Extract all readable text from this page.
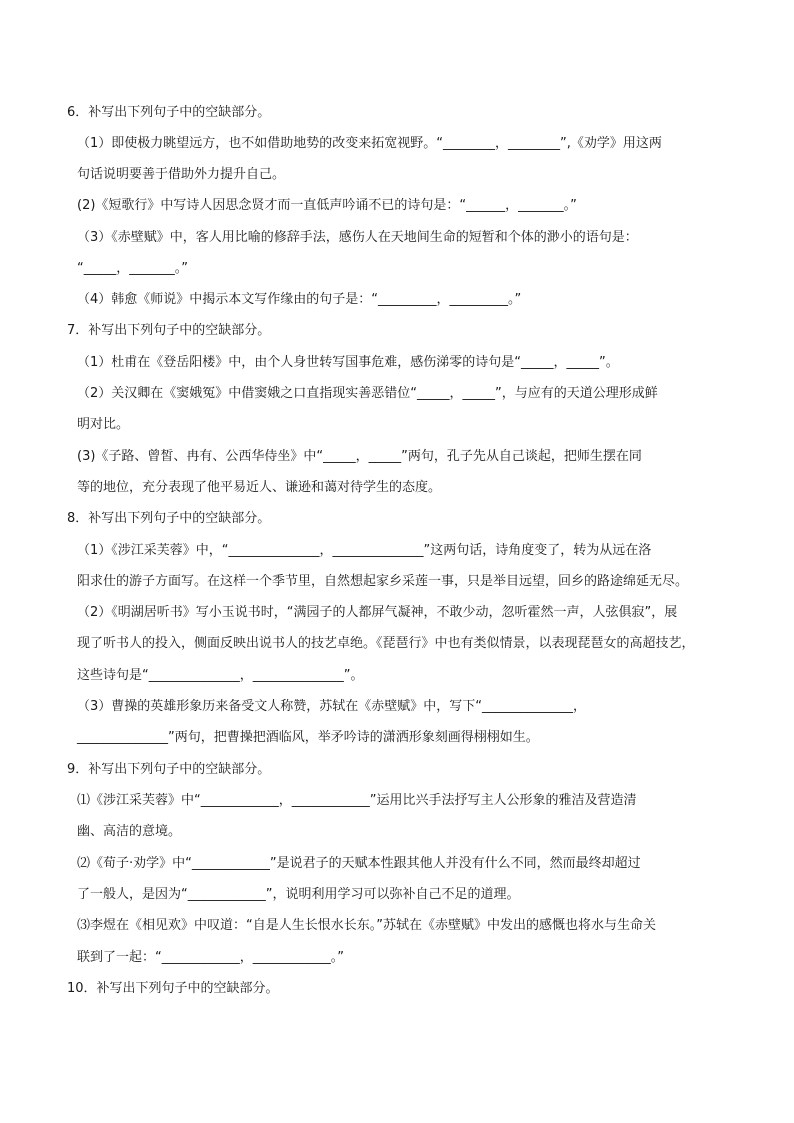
6．补写出下列句子中的空缺部分。
（1）即使极力眺望远方，也不如借助地势的改变来拓宽视野。“________，________”,《劝学》用这两
句话说明要善于借助外力提升自己。
(2)《短歌行》中写诗人因思念贤才而一直低声吟诵不已的诗句是：“______，_______。”
（3）《赤壁赋》中，客人用比喻的修辞手法，感伤人在天地间生命的短暂和个体的渺小的语句是：
“_____，_______。”
（4）韩愈《师说》中揭示本文写作缘由的句子是：“_________，_________。”
7．补写出下列句子中的空缺部分。
（1）杜甫在《登岳阳楼》中，由个人身世转写国事危难，感伤涕零的诗句是“_____，_____”。
（2）关汉卿在《窦娥冤》中借窦娥之口直指现实善恶错位“_____，_____”，与应有的天道公理形成鲜
明对比。
(3)《子路、曾皙、冉有、公西华侍坐》中“_____，_____”两句，孔子先从自己谈起，把师生摆在同
等的地位，充分表现了他平易近人、谦逊和蔼对待学生的态度。
8．补写出下列句子中的空缺部分。
（1）《涉江采芙蓉》中，“______________，______________”这两句话，诗角度变了，转为从远在洛
阳求仕的游子方面写。在这样一个季节里，自然想起家乡采莲一事，只是举目远望，回乡的路途绵延无尽。
（2）《明湖居听书》写小玉说书时，“满园子的人都屏气凝神，不敢少动，忽听霍然一声，人弦俱寂”，展
现了听书人的投入，侧面反映出说书人的技艺卓绝。《琵琶行》中也有类似情景，以表现琵琶女的高超技艺，
这些诗句是“______________，______________”。
（3）曹操的英雄形象历来备受文人称赞，苏轼在《赤壁赋》中，写下“______________，
______________”两句，把曹操把酒临风，举矛吟诗的潇洒形象刻画得栩栩如生。
9．补写出下列句子中的空缺部分。
⑴《涉江采芙蓉》中“____________，____________”运用比兴手法抒写主人公形象的雅洁及营造清
幽、高洁的意境。
⑵《荀子·劝学》中“____________”是说君子的天赋本性跟其他人并没有什么不同，然而最终却超过
了一般人，是因为“____________”，说明利用学习可以弥补自己不足的道理。
⑶李煜在《相见欢》中叹道：“自是人生长恨水长东。”苏轼在《赤壁赋》中发出的感慨也将水与生命关
联到了一起：“____________，____________。”
10．补写出下列句子中的空缺部分。
